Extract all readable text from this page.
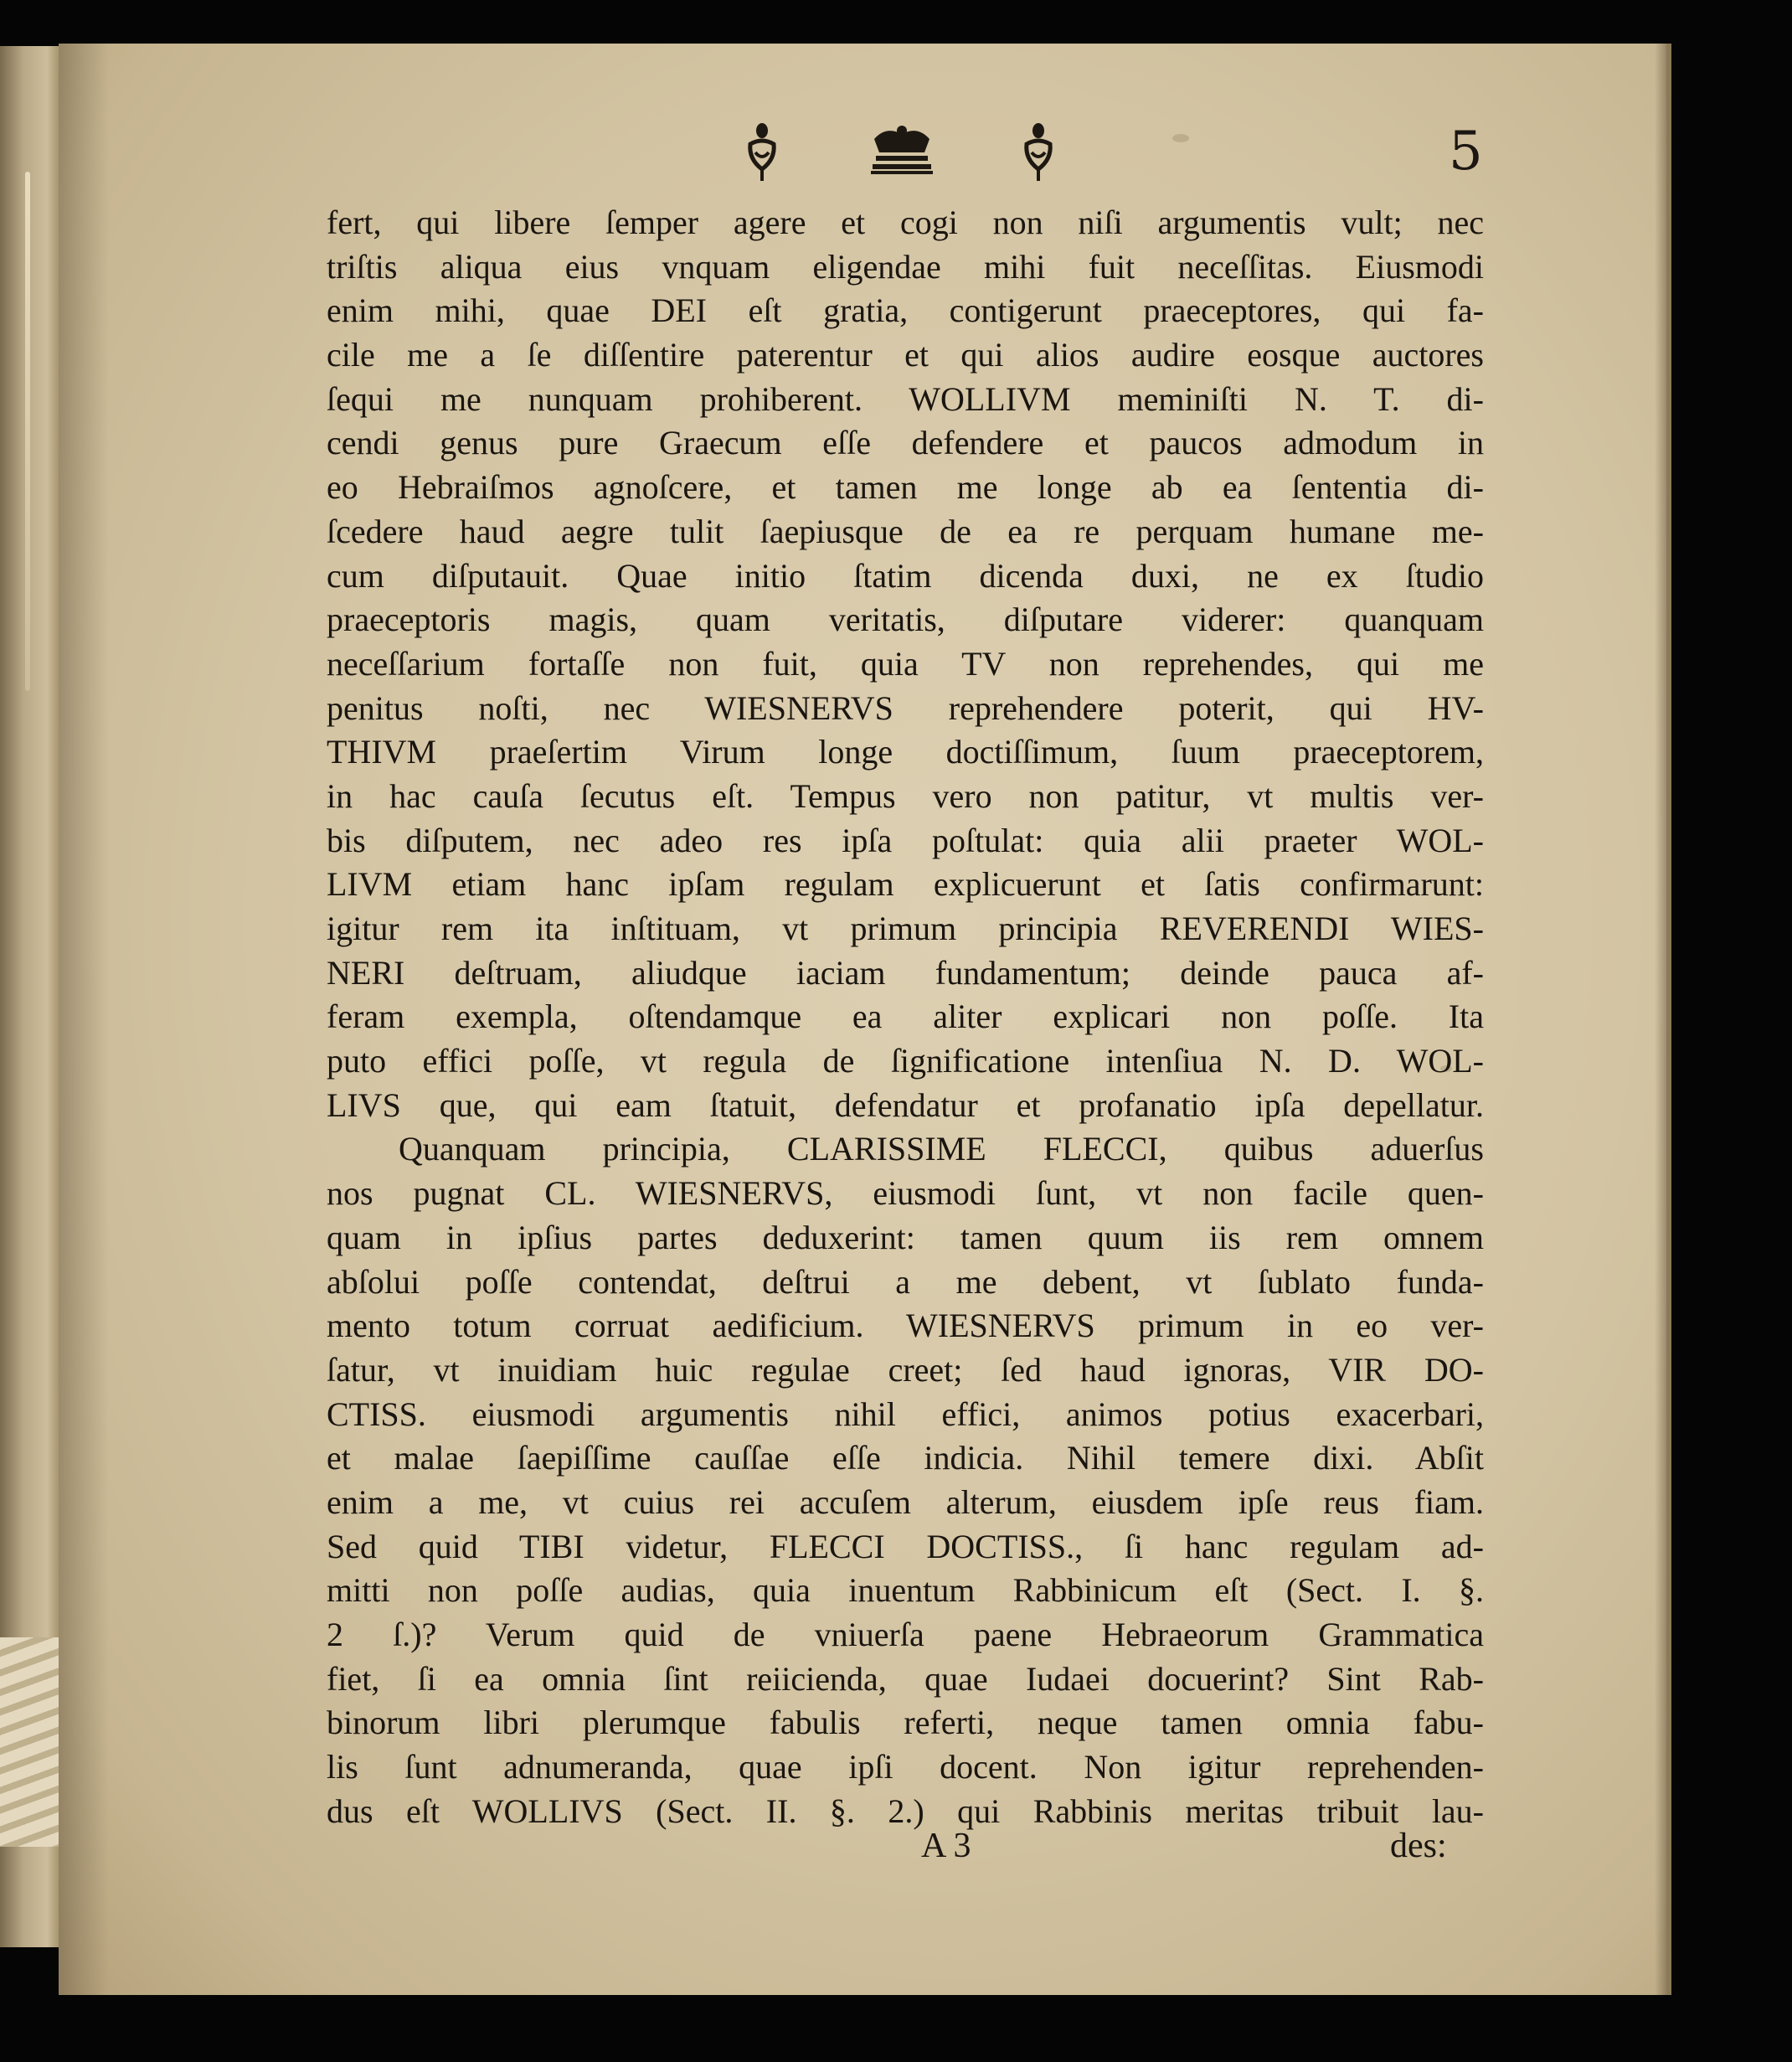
5
fert, qui libere ſemper agere et cogi non niſi argumentis vult; nec
triſtis aliqua eius vnquam eligendae mihi fuit neceſſitas. Eiusmodi
enim mihi, quae DEI eſt gratia, contigerunt praeceptores, qui fa-
cile me a ſe diſſentire paterentur et qui alios audire eosque auctores
ſequi me nunquam prohiberent. WOLLIVM meminiſti N. T. di-
cendi genus pure Graecum eſſe defendere et paucos admodum in
eo Hebraiſmos agnoſcere, et tamen me longe ab ea ſententia di-
ſcedere haud aegre tulit ſaepiusque de ea re perquam humane me-
cum diſputauit. Quae initio ſtatim dicenda duxi, ne ex ſtudio
praeceptoris magis, quam veritatis, diſputare viderer: quanquam
neceſſarium fortaſſe non fuit, quia TV non reprehendes, qui me
penitus noſti, nec WIESNERVS reprehendere poterit, qui HV-
THIVM praeſertim Virum longe doctiſſimum, ſuum praeceptorem,
in hac cauſa ſecutus eſt. Tempus vero non patitur, vt multis ver-
bis diſputem, nec adeo res ipſa poſtulat: quia alii praeter WOL-
LIVM etiam hanc ipſam regulam explicuerunt et ſatis confirmarunt:
igitur rem ita inſtituam, vt primum principia REVERENDI WIES-
NERI deſtruam, aliudque iaciam fundamentum; deinde pauca af-
feram exempla, oſtendamque ea aliter explicari non poſſe. Ita
puto effici poſſe, vt regula de ſignificatione intenſiua N. D. WOL-
LIVS que, qui eam ſtatuit, defendatur et profanatio ipſa depellatur.
Quanquam principia, CLARISSIME FLECCI, quibus aduerſus
nos pugnat CL. WIESNERVS, eiusmodi ſunt, vt non facile quen-
quam in ipſius partes deduxerint: tamen quum iis rem omnem
abſolui poſſe contendat, deſtrui a me debent, vt ſublato funda-
mento totum corruat aedificium. WIESNERVS primum in eo ver-
ſatur, vt inuidiam huic regulae creet; ſed haud ignoras, VIR DO-
CTISS. eiusmodi argumentis nihil effici, animos potius exacerbari,
et malae ſaepiſſime cauſſae eſſe indicia. Nihil temere dixi. Abſit
enim a me, vt cuius rei accuſem alterum, eiusdem ipſe reus fiam.
Sed quid TIBI videtur, FLECCI DOCTISS., ſi hanc regulam ad-
mitti non poſſe audias, quia inuentum Rabbinicum eſt (Sect. I. §.
2 ſ.)? Verum quid de vniuerſa paene Hebraeorum Grammatica
fiet, ſi ea omnia ſint reiicienda, quae Iudaei docuerint? Sint Rab-
binorum libri plerumque fabulis referti, neque tamen omnia fabu-
lis ſunt adnumeranda, quae ipſi docent. Non igitur reprehenden-
dus eſt WOLLIVS (Sect. II. §. 2.) qui Rabbinis meritas tribuit lau-
A 3	des:
